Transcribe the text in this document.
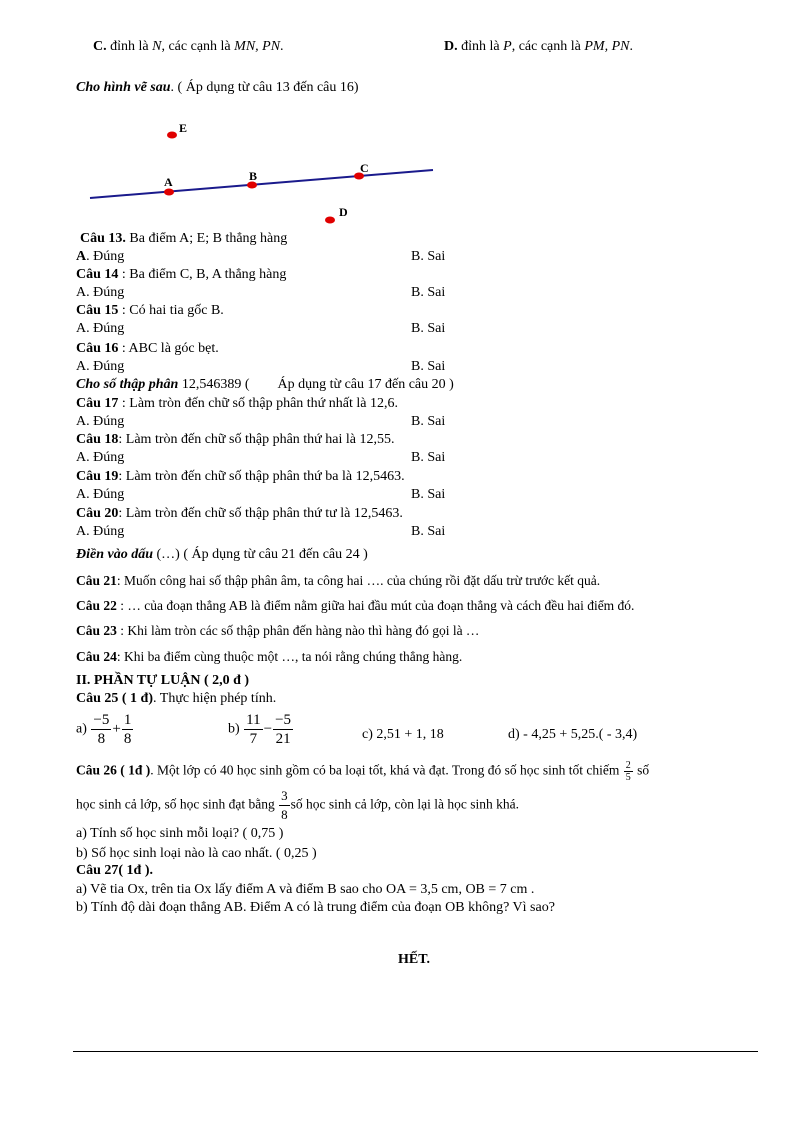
C. đỉnh là N, các cạnh là MN, PN.	D. đỉnh là P, các cạnh là PM, PN.
Cho hình vẽ sau. ( Áp dụng từ câu 13 đến câu 16)
E
A	B
C
D
Câu 13. Ba điểm A; E; B thẳng hàng
A. Đúng	B. Sai
Câu 14 : Ba điểm C, B, A thẳng hàng
A. Đúng	B. Sai
Câu 15 : Có hai tia gốc B.
A. Đúng	B. Sai
Câu 16 : ABC là góc bẹt.
A. Đúng	B. Sai
Cho số thập phân 12,546389 (        Áp dụng từ câu 17 đến câu 20 )
Câu 17 : Làm tròn đến chữ số thập phân thứ nhất là 12,6.
A. Đúng	B. Sai
Câu 18: Làm tròn đến chữ số thập phân thứ hai là 12,55.
A. Đúng	B. Sai
Câu 19: Làm tròn đến chữ số thập phân thứ ba là 12,5463.
A. Đúng	B. Sai
Câu 20: Làm tròn đến chữ số thập phân thứ tư là 12,5463.
A. Đúng	B. Sai
Điền vào dấu (…) ( Áp dụng từ câu 21 đến câu 24 )
Câu 21: Muốn công hai số thập phân âm, ta công hai …. của chúng rồi đặt dấu trừ trước kết quả.
Câu 22 : … của đoạn thẳng AB là điểm nằm giữa hai đầu mút của đoạn thẳng và cách đều hai điểm đó.
Câu 23 : Khi làm tròn các số thập phân đến hàng nào thì hàng đó gọi là …
Câu 24: Khi ba điểm cùng thuộc một …, ta nói rằng chúng thẳng hàng.
II. PHẦN TỰ LUẬN ( 2,0 đ )
Câu 25 ( 1 đ). Thực hiện phép tính.
$a) \frac{-5}{8} + \frac{1}{8}$	$b) \frac{11}{7} - \frac{-5}{21}$	c) 2,51 + 1, 18	d) - 4,25 + 5,25.( - 3,4)
Câu 26 ( 1đ ). Một lớp có 40 học sinh gồm có ba loại tốt, khá và đạt. Trong đó số học sinh tốt chiếm $\frac{2}{5}$ số
học sinh cả lớp, số học sinh đạt bằng $\frac{3}{8}$ số học sinh cả lớp, còn lại là học sinh khá.
a) Tính số học sinh mỗi loại? ( 0,75 )
b) Số học sinh loại nào là cao nhất. ( 0,25 )
Câu 27( 1đ ).
a) Vẽ tia Ox, trên tia Ox lấy điểm A và điểm B sao cho OA = 3,5 cm, OB = 7 cm .
b) Tính độ dài đoạn thẳng AB. Điểm A có là trung điểm của đoạn OB không? Vì sao?
HẾT.
